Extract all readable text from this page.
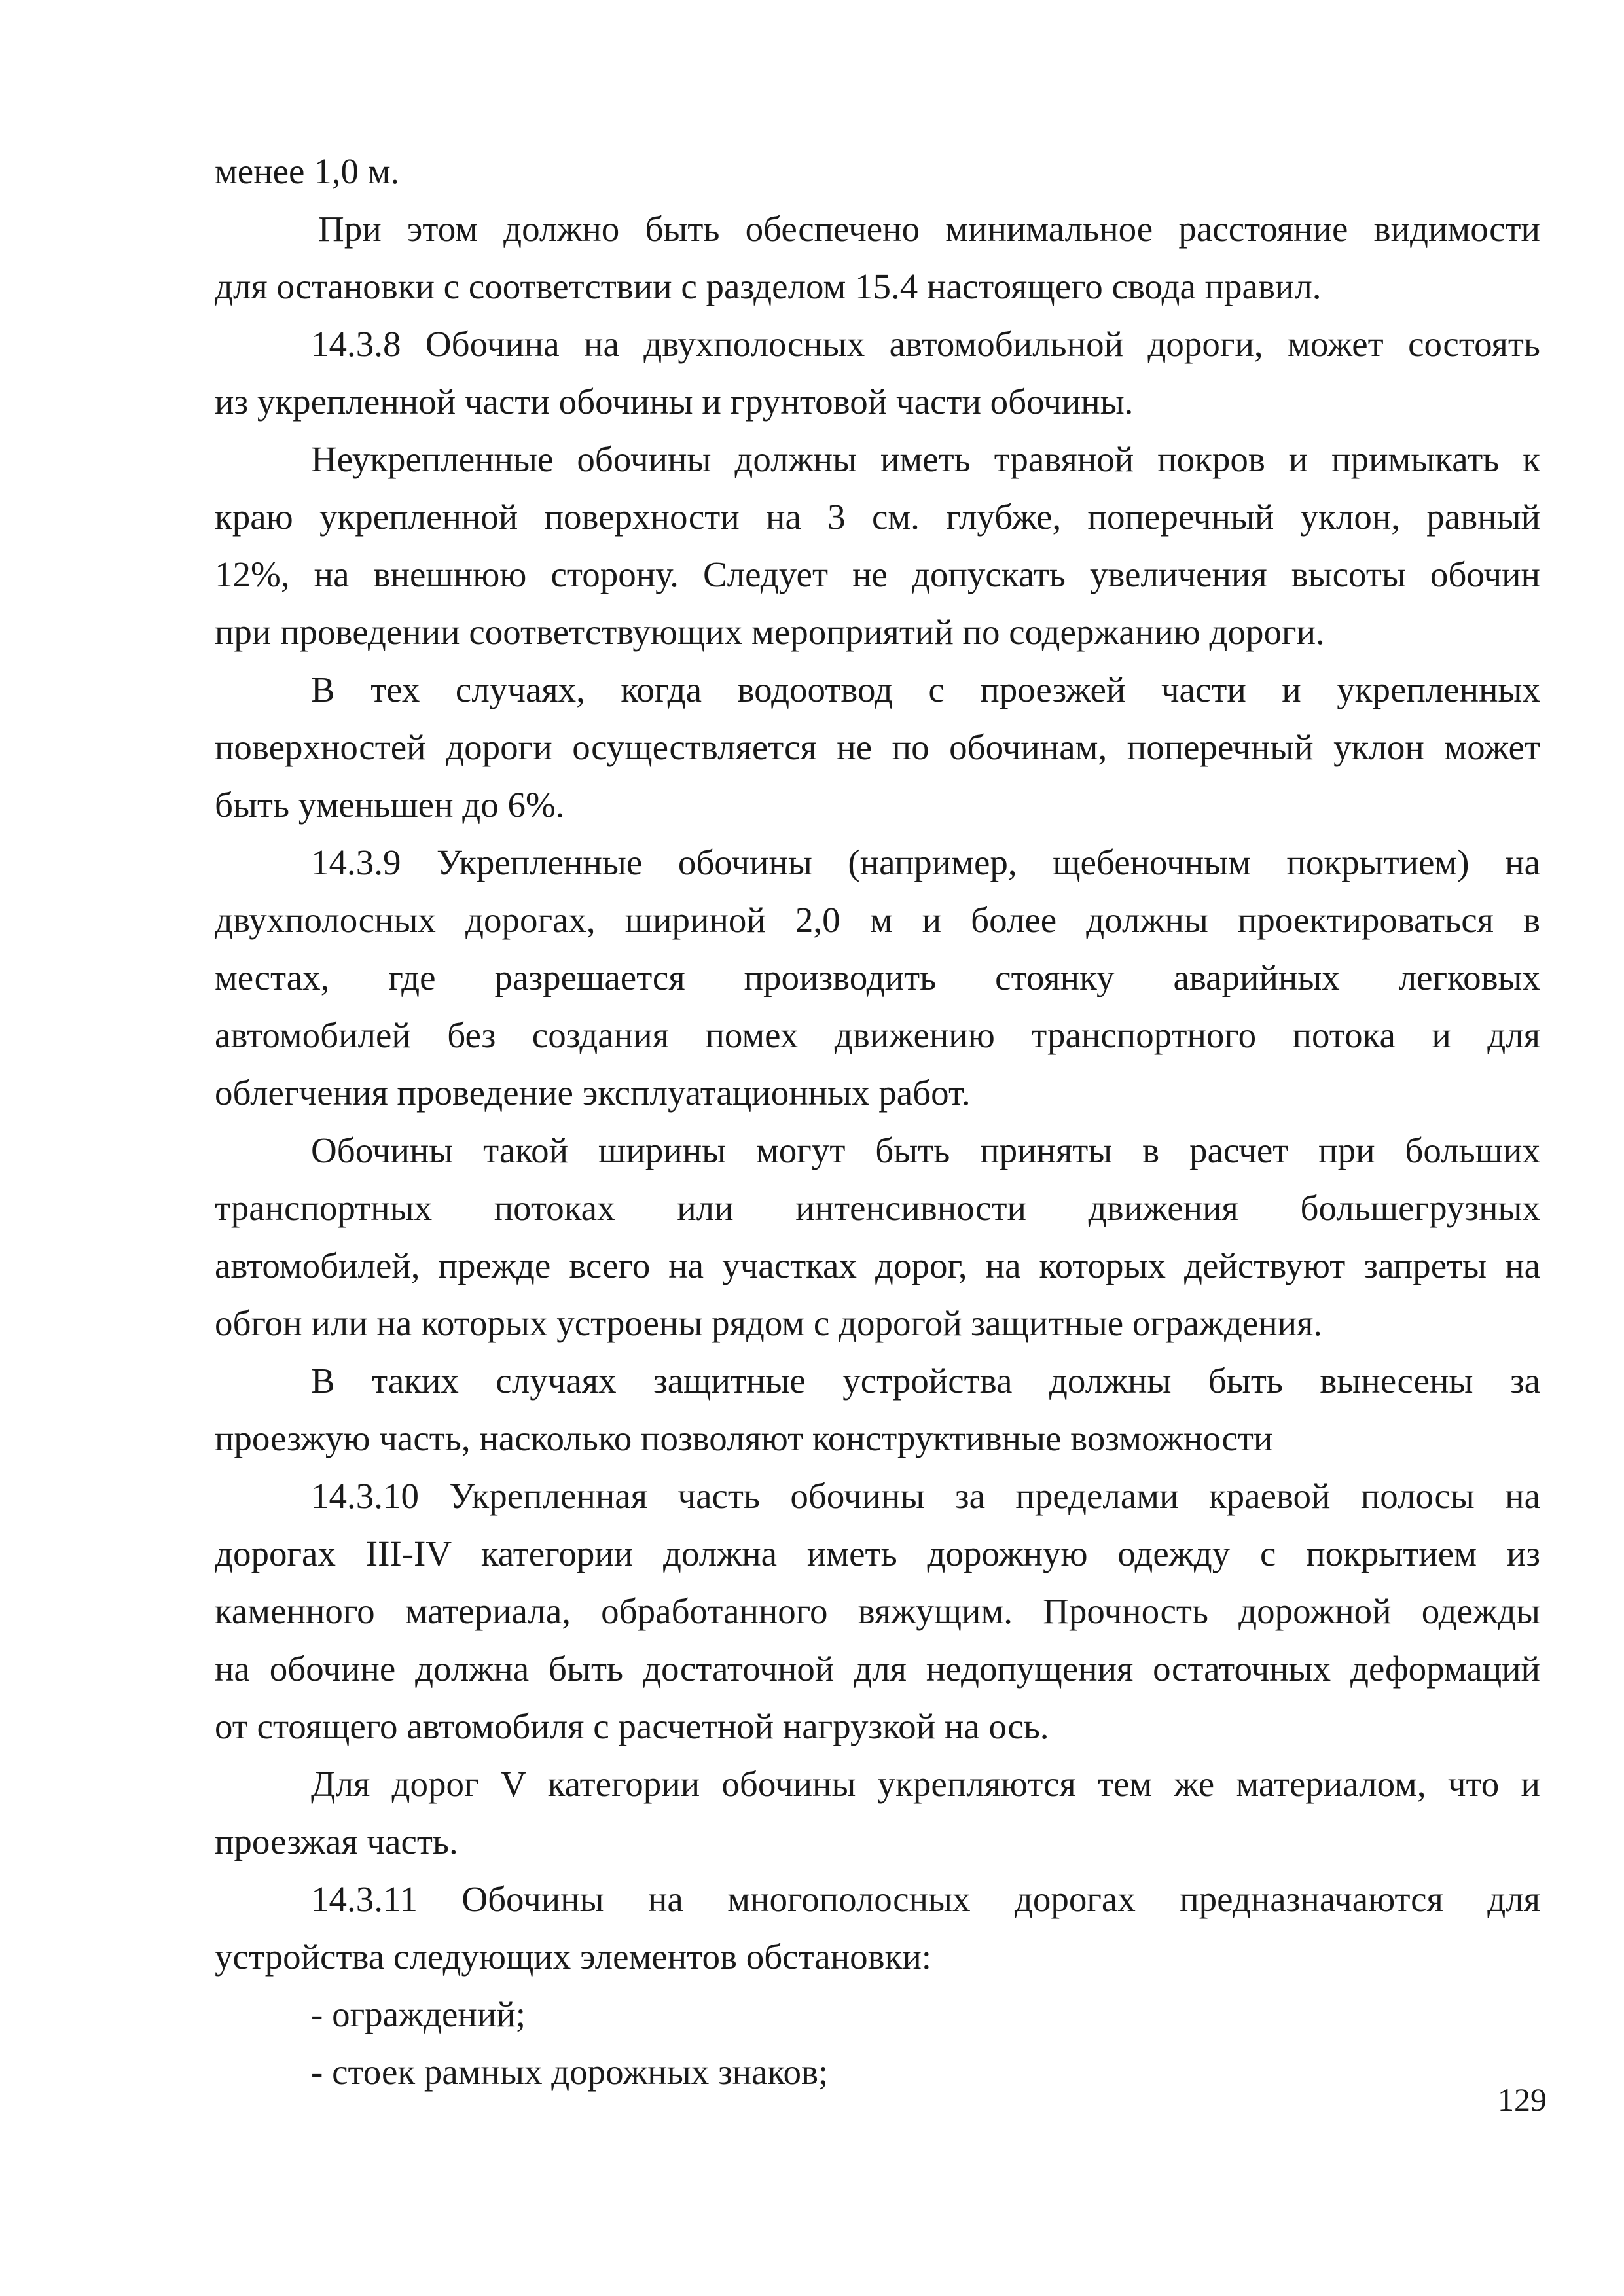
менее 1,0 м.
При этом должно быть обеспечено минимальное расстояние видимости
для остановки с соответствии с разделом 15.4 настоящего свода правил.
14.3.8 Обочина на двухполосных автомобильной дороги, может состоять
из укрепленной части обочины и грунтовой части обочины.
Неукрепленные обочины должны иметь травяной покров и примыкать к
краю укрепленной поверхности на 3 см. глубже, поперечный уклон, равный
12%, на внешнюю сторону. Следует не допускать увеличения высоты обочин
при проведении соответствующих мероприятий по содержанию дороги.
В тех случаях, когда водоотвод с проезжей части и укрепленных
поверхностей дороги осуществляется не по обочинам, поперечный уклон может
быть уменьшен до 6%.
14.3.9 Укрепленные обочины (например, щебеночным покрытием) на
двухполосных дорогах, шириной 2,0 м и более должны проектироваться в
местах, где разрешается производить стоянку аварийных легковых
автомобилей без создания помех движению транспортного потока и для
облегчения проведение эксплуатационных работ.
Обочины такой ширины могут быть приняты в расчет при больших
транспортных потоках или интенсивности движения большегрузных
автомобилей, прежде всего на участках дорог, на которых действуют запреты на
обгон или на которых устроены рядом с дорогой защитные ограждения.
В таких случаях защитные устройства должны быть вынесены за
проезжую часть, насколько позволяют конструктивные возможности
14.3.10 Укрепленная часть обочины за пределами краевой полосы на
дорогах III-IV категории должна иметь дорожную одежду с покрытием из
каменного материала, обработанного вяжущим. Прочность дорожной одежды
на обочине должна быть достаточной для недопущения остаточных деформаций
от стоящего автомобиля с расчетной нагрузкой на ось.
Для дорог V категории обочины укрепляются тем же материалом, что и
проезжая часть.
14.3.11 Обочины на многополосных дорогах предназначаются для
устройства следующих элементов обстановки:
- ограждений;
- стоек рамных дорожных знаков;
129
